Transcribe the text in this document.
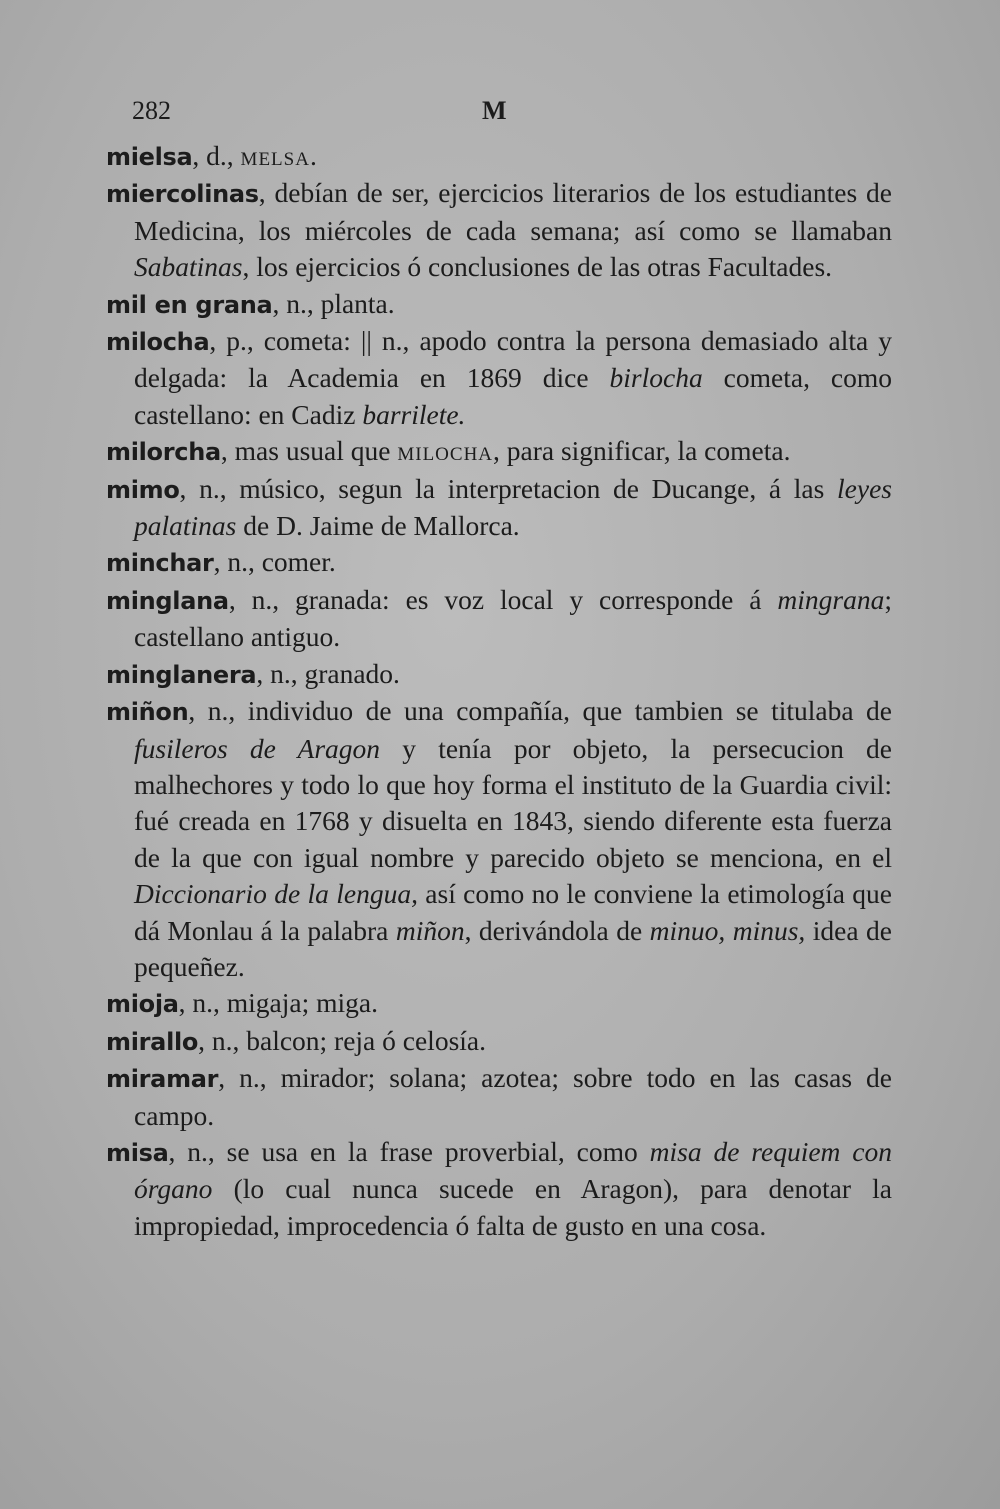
282	M

mielsa, d., melsa.

miercolinas, debían de ser, ejercicios literarios de los estudiantes de Medicina, los miércoles de cada semana; así como se llamaban Sabatinas, los ejercicios ó conclusiones de las otras Facultades.

mil en grana, n., planta.

milocha, p., cometa: || n., apodo contra la persona demasiado alta y delgada: la Academia en 1869 dice birlocha cometa, como castellano: en Cadiz barrilete.

milorcha, mas usual que milocha, para significar, la cometa.

mimo, n., músico, segun la interpretacion de Ducange, á las leyes palatinas de D. Jaime de Mallorca.

minchar, n., comer.

minglana, n., granada: es voz local y corresponde á mingrana; castellano antiguo.

minglanera, n., granado.

miñon, n., individuo de una compañía, que tambien se titulaba de fusileros de Aragon y tenía por objeto, la persecucion de malhechores y todo lo que hoy forma el instituto de la Guardia civil: fué creada en 1768 y disuelta en 1843, siendo diferente esta fuerza de la que con igual nombre y parecido objeto se menciona, en el Diccionario de la lengua, así como no le conviene la etimología que dá Monlau á la palabra miñon, derivándola de minuo, minus, idea de pequeñez.

mioja, n., migaja; miga.

mirallo, n., balcon; reja ó celosía.

miramar, n., mirador; solana; azotea; sobre todo en las casas de campo.

misa, n., se usa en la frase proverbial, como misa de requiem con órgano (lo cual nunca sucede en Aragon), para denotar la impropiedad, improcedencia ó falta de gusto en una cosa.
